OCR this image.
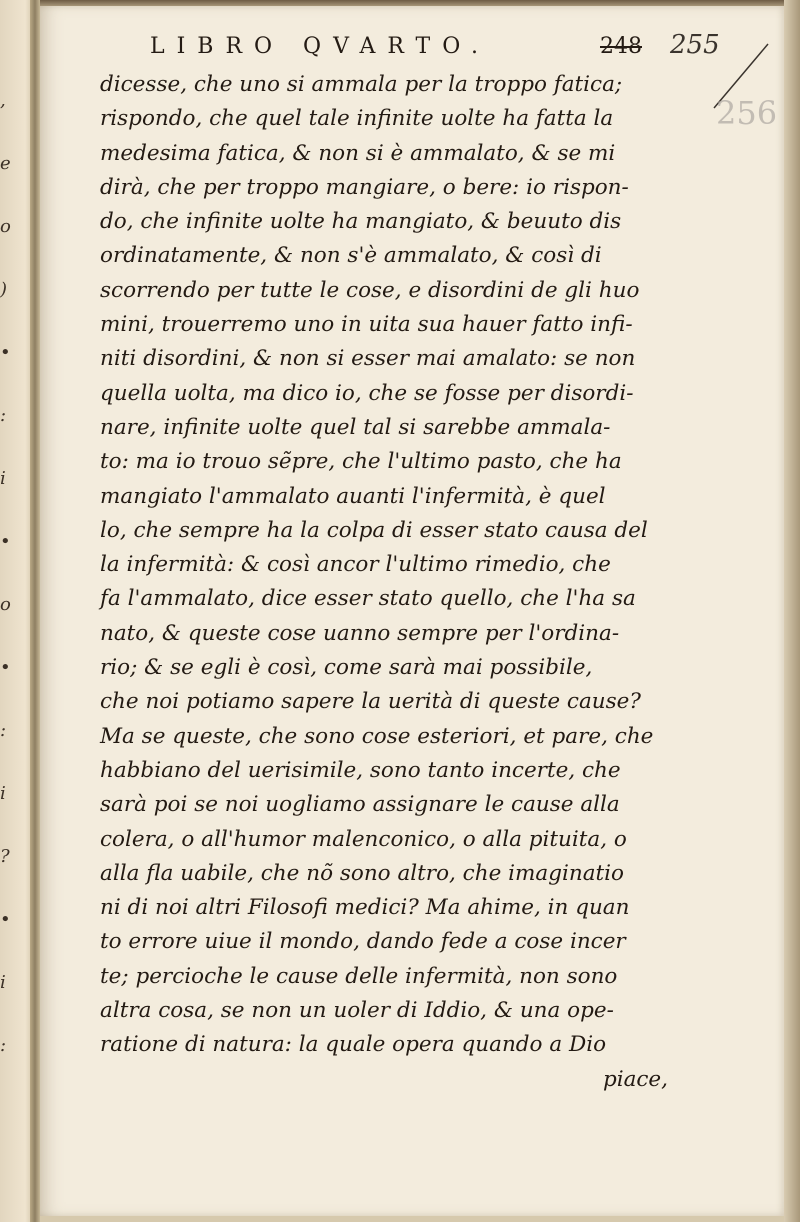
,
e
o
)
•
:
i
•
o
•
:
i
?
•
i
:
LIBRO QVARTO.	248 255
256
dicesse, che uno si ammala per la troppo fatica;
rispondo, che quel tale infinite uolte ha fatta la
medesima fatica, & non si è ammalato, & se mi
dirà, che per troppo mangiare, o bere: io rispon-
do, che infinite uolte ha mangiato, & beuuto dis
ordinatamente, & non s'è ammalato, & così di
scorrendo per tutte le cose, e disordini de gli huo
mini, trouerremo uno in uita sua hauer fatto infi-
niti disordini, & non si esser mai amalato: se non
quella uolta, ma dico io, che se fosse per disordi-
nare, infinite uolte quel tal si sarebbe ammala-
to: ma io trouo sẽpre, che l'ultimo pasto, che ha
mangiato l'ammalato auanti l'infermità, è quel
lo, che sempre ha la colpa di esser stato causa del
la infermità: & così ancor l'ultimo rimedio, che
fa l'ammalato, dice esser stato quello, che l'ha sa
nato, & queste cose uanno sempre per l'ordina-
rio; & se egli è così, come sarà mai possibile,
che noi potiamo sapere la uerità di queste cause?
Ma se queste, che sono cose esteriori, et pare, che
habbiano del uerisimile, sono tanto incerte, che
sarà poi se noi uogliamo assignare le cause alla
colera, o all'humor malenconico, o alla pituita, o
alla fla uabile, che nõ sono altro, che imaginatio
ni di noi altri Filosofi medici? Ma ahime, in quan
to errore uiue il mondo, dando fede a cose incer
te; percioche le cause delle infermità, non sono
altra cosa, se non un uoler di Iddio, & una ope-
ratione di natura: la quale opera quando a Dio
piace,
